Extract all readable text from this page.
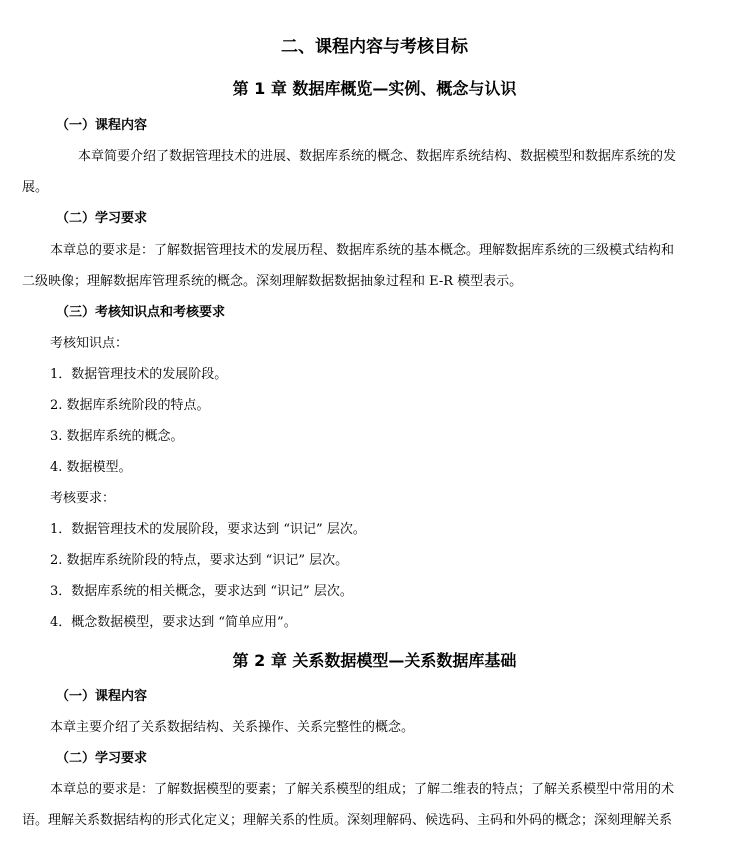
二、课程内容与考核目标
第 1 章 数据库概览—实例、概念与认识
（一）课程内容
本章简要介绍了数据管理技术的进展、数据库系统的概念、数据库系统结构、数据模型和数据库系统的发
展。
（二）学习要求
本章总的要求是：了解数据管理技术的发展历程、数据库系统的基本概念。理解数据库系统的三级模式结构和
二级映像；理解数据库管理系统的概念。深刻理解数据数据抽象过程和 E-R 模型表示。
（三）考核知识点和考核要求
考核知识点：
1．数据管理技术的发展阶段。
2. 数据库系统阶段的特点。
3. 数据库系统的概念。
4. 数据模型。
考核要求：
1．数据管理技术的发展阶段，要求达到 “识记” 层次。
2. 数据库系统阶段的特点，要求达到 “识记” 层次。
3．数据库系统的相关概念，要求达到 “识记” 层次。
4．概念数据模型，要求达到 “简单应用”。
第 2 章 关系数据模型—关系数据库基础
（一）课程内容
本章主要介绍了关系数据结构、关系操作、关系完整性的概念。
（二）学习要求
本章总的要求是：了解数据模型的要素；了解关系模型的组成；了解二维表的特点；了解关系模型中常用的术
语。理解关系数据结构的形式化定义；理解关系的性质。深刻理解码、候选码、主码和外码的概念；深刻理解关系
